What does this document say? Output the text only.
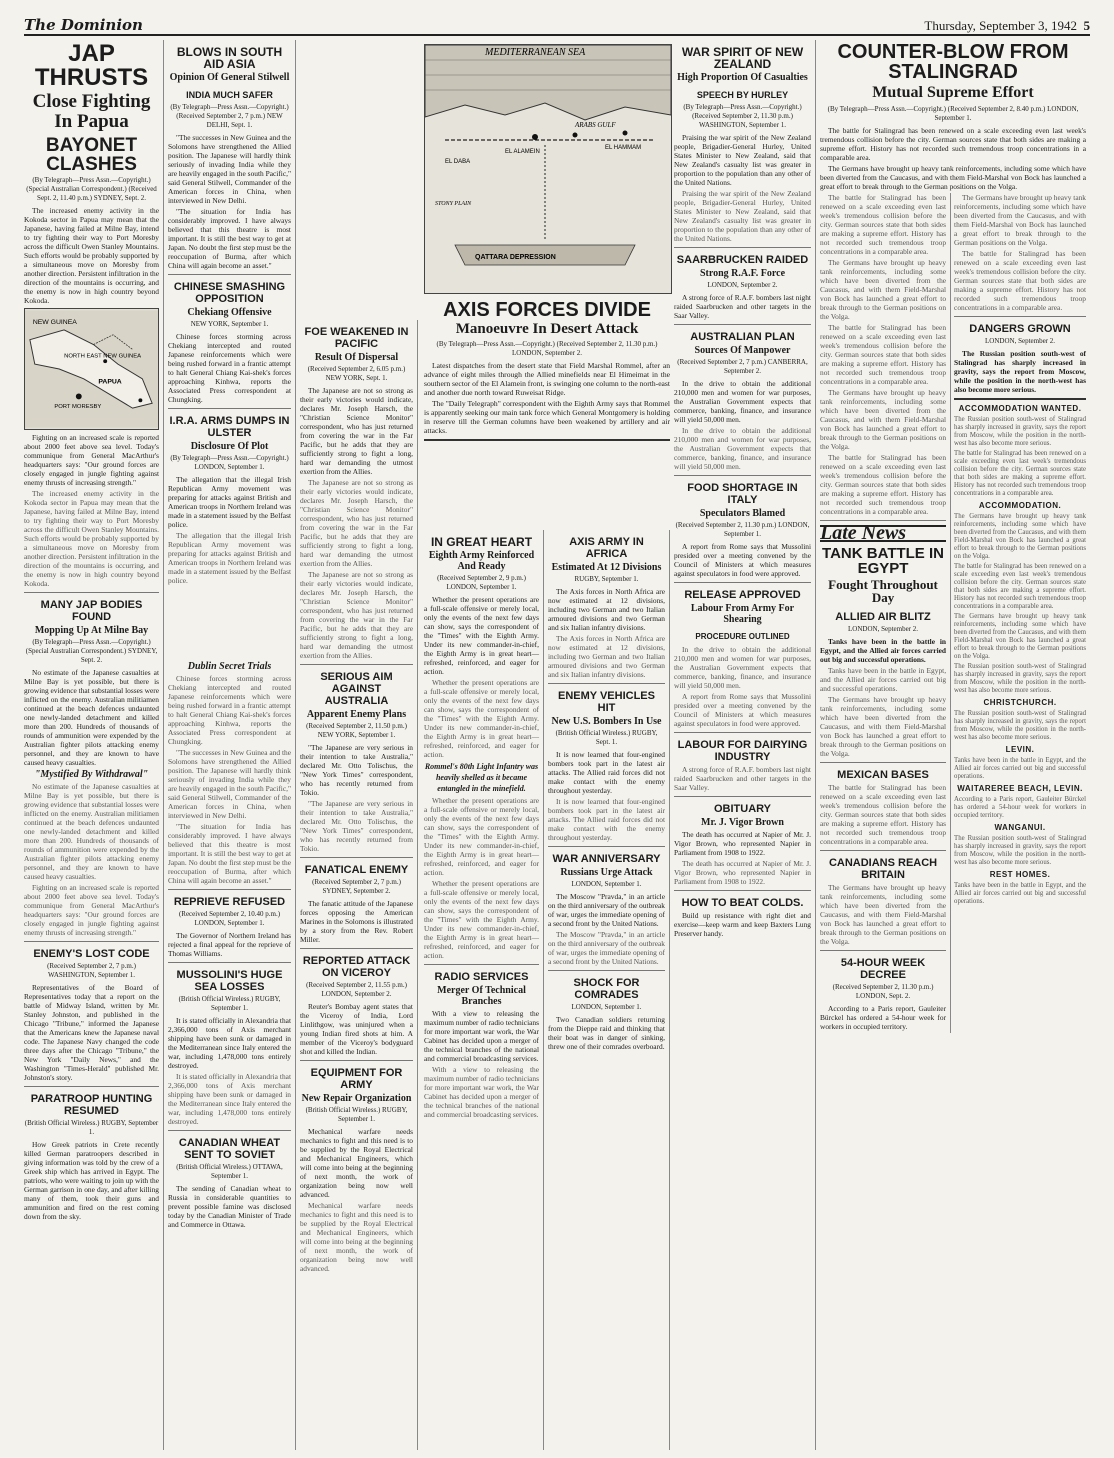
The Dominion	Thursday, September 3, 1942 5
JAP THRUSTS
Close Fighting In Papua
BAYONET CLASHES
(By Telegraph—Press Assn.—Copyright.) (Special Australian Correspondent.) (Received Sept. 2, 11.40 p.m.) SYDNEY, Sept. 2.

The increased enemy activity in the Kokoda sector in Papua may mean that the Japanese, having failed at Milne Bay, intend to try fighting their way to Port Moresby across the difficult Owen Stanley Mountains. Such efforts would be probably supported by a simultaneous move on Moresby from another direction. Persistent infiltration in the direction of the mountains is occurring, and the enemy is now in high country beyond Kokoda.

NEW GUINEA
NORTH EAST NEW GUINEA
PAPUA
PORT MORESBY

Fighting on an increased scale is reported about 2000 feet above sea level. Today's communique from General MacArthur's headquarters says: "Our ground forces are closely engaged in jungle fighting against enemy thrusts of increasing strength."

The increased enemy activity in the Kokoda sector in Papua may mean that the Japanese, having failed at Milne Bay, intend to try fighting their way to Port Moresby across the difficult Owen Stanley Mountains. Such efforts would be probably supported by a simultaneous move on Moresby from another direction. Persistent infiltration in the direction of the mountains is occurring, and the enemy is now in high country beyond Kokoda.

MANY JAP BODIES FOUND
Mopping Up At Milne Bay
(By Telegraph—Press Assn.—Copyright.) (Special Australian Correspondent.) SYDNEY, Sept. 2.

No estimate of the Japanese casualties at Milne Bay is yet possible, but there is growing evidence that substantial losses were inflicted on the enemy. Australian militiamen continued at the beach defences undaunted one newly-landed detachment and killed more than 200. Hundreds of thousands of rounds of ammunition were expended by the Australian fighter pilots attacking enemy personnel, and they are known to have caused heavy casualties.

"Mystified By Withdrawal"

No estimate of the Japanese casualties at Milne Bay is yet possible, but there is growing evidence that substantial losses were inflicted on the enemy. Australian militiamen continued at the beach defences undaunted one newly-landed detachment and killed more than 200. Hundreds of thousands of rounds of ammunition were expended by the Australian fighter pilots attacking enemy personnel, and they are known to have caused heavy casualties.

Fighting on an increased scale is reported about 2000 feet above sea level. Today's communique from General MacArthur's headquarters says: "Our ground forces are closely engaged in jungle fighting against enemy thrusts of increasing strength."

ENEMY'S LOST CODE
(Received September 2, 7 p.m.) WASHINGTON, September 1.

Representatives of the Board of Representatives today that a report on the battle of Midway Island, written by Mr. Stanley Johnston, and published in the Chicago "Tribune," informed the Japanese that the Americans knew the Japanese naval code. The Japanese Navy changed the code three days after the Chicago "Tribune," the New York "Daily News," and the Washington "Times-Herald" published Mr. Johnston's story.

PARATROOP HUNTING RESUMED
(British Official Wireless.) RUGBY, September 1.

How Greek patriots in Crete recently killed German paratroopers described in giving information was told by the crew of a Greek ship which has arrived in Egypt. The patriots, who were waiting to join up with the German garrison in one day, and after killing many of them, took their guns and ammunition and fired on the rest coming down from the sky.

BLOWS IN SOUTH AID ASIA
Opinion Of General Stilwell
INDIA MUCH SAFER
(By Telegraph—Press Assn.—Copyright.) (Received September 2, 7 p.m.) NEW DELHI, Sept. 1.

"The successes in New Guinea and the Solomons have strengthened the Allied position. The Japanese will hardly think seriously of invading India while they are heavily engaged in the south Pacific," said General Stilwell, Commander of the American forces in China, when interviewed in New Delhi.

"The situation for India has considerably improved. I have always believed that this theatre is most important. It is still the best way to get at Japan. No doubt the first step must be the reoccupation of Burma, after which China will again become an asset."

CHINESE SMASHING OPPOSITION
Chekiang Offensive
NEW YORK, September 1.

Chinese forces storming across Chekiang intercepted and routed Japanese reinforcements which were being rushed forward in a frantic attempt to halt General Chiang Kai-shek's forces approaching Kinhwa, reports the Associated Press correspondent at Chungking.

I.R.A. ARMS DUMPS IN ULSTER
Disclosure Of Plot
(By Telegraph—Press Assn.—Copyright.) LONDON, September 1.

The allegation that the illegal Irish Republican Army movement was preparing for attacks against British and American troops in Northern Ireland was made in a statement issued by the Belfast police.

The allegation that the illegal Irish Republican Army movement was preparing for attacks against British and American troops in Northern Ireland was made in a statement issued by the Belfast police.

Dublin Secret Trials

Chinese forces storming across Chekiang intercepted and routed Japanese reinforcements which were being rushed forward in a frantic attempt to halt General Chiang Kai-shek's forces approaching Kinhwa, reports the Associated Press correspondent at Chungking.

"The successes in New Guinea and the Solomons have strengthened the Allied position. The Japanese will hardly think seriously of invading India while they are heavily engaged in the south Pacific," said General Stilwell, Commander of the American forces in China, when interviewed in New Delhi.

"The situation for India has considerably improved. I have always believed that this theatre is most important. It is still the best way to get at Japan. No doubt the first step must be the reoccupation of Burma, after which China will again become an asset."

REPRIEVE REFUSED
(Received September 2, 10.40 p.m.) LONDON, September 1.

The Governor of Northern Ireland has rejected a final appeal for the reprieve of Thomas Williams.

MUSSOLINI'S HUGE SEA LOSSES
(British Official Wireless.) RUGBY, September 1.

It is stated officially in Alexandria that 2,366,000 tons of Axis merchant shipping have been sunk or damaged in the Mediterranean since Italy entered the war, including 1,478,000 tons entirely destroyed.

It is stated officially in Alexandria that 2,366,000 tons of Axis merchant shipping have been sunk or damaged in the Mediterranean since Italy entered the war, including 1,478,000 tons entirely destroyed.

CANADIAN WHEAT SENT TO SOVIET
(British Official Wireless.) OTTAWA, September 1.

The sending of Canadian wheat to Russia in considerable quantities to prevent possible famine was disclosed today by the Canadian Minister of Trade and Commerce in Ottawa.

FOE WEAKENED IN PACIFIC
Result Of Dispersal
(Received September 2, 6.05 p.m.) NEW YORK, Sept. 1.

The Japanese are not so strong as their early victories would indicate, declares Mr. Joseph Harsch, the "Christian Science Monitor" correspondent, who has just returned from covering the war in the Far Pacific, but he adds that they are sufficiently strong to fight a long, hard war demanding the utmost exertion from the Allies.

The Japanese are not so strong as their early victories would indicate, declares Mr. Joseph Harsch, the "Christian Science Monitor" correspondent, who has just returned from covering the war in the Far Pacific, but he adds that they are sufficiently strong to fight a long, hard war demanding the utmost exertion from the Allies.

The Japanese are not so strong as their early victories would indicate, declares Mr. Joseph Harsch, the "Christian Science Monitor" correspondent, who has just returned from covering the war in the Far Pacific, but he adds that they are sufficiently strong to fight a long, hard war demanding the utmost exertion from the Allies.

SERIOUS AIM AGAINST AUSTRALIA
Apparent Enemy Plans
(Received September 2, 11.50 p.m.) NEW YORK, September 1.

"The Japanese are very serious in their intention to take Australia," declared Mr. Otto Tolischus, the "New York Times" correspondent, who has recently returned from Tokio.

"The Japanese are very serious in their intention to take Australia," declared Mr. Otto Tolischus, the "New York Times" correspondent, who has recently returned from Tokio.

FANATICAL ENEMY
(Received September 2, 7 p.m.) SYDNEY, September 2.

The fanatic attitude of the Japanese forces opposing the American Marines in the Solomons is illustrated by a story from the Rev. Robert Miller.

REPORTED ATTACK ON VICEROY
(Received September 2, 11.55 p.m.) LONDON, September 2.

Reuter's Bombay agent states that the Viceroy of India, Lord Linlithgow, was uninjured when a young Indian fired shots at him. A member of the Viceroy's bodyguard shot and killed the Indian.

EQUIPMENT FOR ARMY
New Repair Organization
(British Official Wireless.) RUGBY, September 1.

Mechanical warfare needs mechanics to fight and this need is to be supplied by the Royal Electrical and Mechanical Engineers, which will come into being at the beginning of next month, the work of organization being now well advanced.

Mechanical warfare needs mechanics to fight and this need is to be supplied by the Royal Electrical and Mechanical Engineers, which will come into being at the beginning of next month, the work of organization being now well advanced.

MEDITERRANEAN SEA
ARABS GULF
EL ALAMEIN
EL HAMMAM
EL DABA
QATTARA DEPRESSION
STONY PLAIN
AXIS FORCES DIVIDE
Manoeuvre In Desert Attack
(By Telegraph—Press Assn.—Copyright.) (Received September 2, 11.30 p.m.) LONDON, September 2.

Latest dispatches from the desert state that Field Marshal Rommel, after an advance of eight miles through the Allied minefields near El Himeimat in the southern sector of the El Alamein front, is swinging one column to the north-east and another due north toward Ruweisat Ridge.

The "Daily Telegraph" correspondent with the Eighth Army says that Rommel is apparently seeking our main tank force which General Montgomery is holding in reserve till the German columns have been weakened by artillery and air attacks.

IN GREAT HEART
Eighth Army Reinforced And Ready
(Received September 2, 9 p.m.) LONDON, September 1.

Whether the present operations are a full-scale offensive or merely local, only the events of the next few days can show, says the correspondent of the "Times" with the Eighth Army. Under its new commander-in-chief, the Eighth Army is in great heart—refreshed, reinforced, and eager for action.

Whether the present operations are a full-scale offensive or merely local, only the events of the next few days can show, says the correspondent of the "Times" with the Eighth Army. Under its new commander-in-chief, the Eighth Army is in great heart—refreshed, reinforced, and eager for action.

Rommel's 80th Light Infantry was heavily shelled as it became entangled in the minefield.

Whether the present operations are a full-scale offensive or merely local, only the events of the next few days can show, says the correspondent of the "Times" with the Eighth Army. Under its new commander-in-chief, the Eighth Army is in great heart—refreshed, reinforced, and eager for action.

Whether the present operations are a full-scale offensive or merely local, only the events of the next few days can show, says the correspondent of the "Times" with the Eighth Army. Under its new commander-in-chief, the Eighth Army is in great heart—refreshed, reinforced, and eager for action.

RADIO SERVICES
Merger Of Technical Branches

With a view to releasing the maximum number of radio technicians for more important war work, the War Cabinet has decided upon a merger of the technical branches of the national and commercial broadcasting services.

With a view to releasing the maximum number of radio technicians for more important war work, the War Cabinet has decided upon a merger of the technical branches of the national and commercial broadcasting services.

AXIS ARMY IN AFRICA
Estimated At 12 Divisions
RUGBY, September 1.

The Axis forces in North Africa are now estimated at 12 divisions, including two German and two Italian armoured divisions and two German and six Italian infantry divisions.

The Axis forces in North Africa are now estimated at 12 divisions, including two German and two Italian armoured divisions and two German and six Italian infantry divisions.

ENEMY VEHICLES HIT
New U.S. Bombers In Use
(British Official Wireless.) RUGBY, Sept. 1.

It is now learned that four-engined bombers took part in the latest air attacks. The Allied raid forces did not make contact with the enemy throughout yesterday.

It is now learned that four-engined bombers took part in the latest air attacks. The Allied raid forces did not make contact with the enemy throughout yesterday.

WAR ANNIVERSARY
Russians Urge Attack
LONDON, September 1.

The Moscow "Pravda," in an article on the third anniversary of the outbreak of war, urges the immediate opening of a second front by the United Nations.

The Moscow "Pravda," in an article on the third anniversary of the outbreak of war, urges the immediate opening of a second front by the United Nations.

SHOCK FOR COMRADES
LONDON, September 1.

Two Canadian soldiers returning from the Dieppe raid and thinking that their boat was in danger of sinking, threw one of their comrades overboard.

WAR SPIRIT OF NEW ZEALAND
High Proportion Of Casualties
SPEECH BY HURLEY
(By Telegraph—Press Assn.—Copyright.) (Received September 2, 11.30 p.m.) WASHINGTON, September 1.

Praising the war spirit of the New Zealand people, Brigadier-General Hurley, United States Minister to New Zealand, said that New Zealand's casualty list was greater in proportion to the population than any other of the United Nations.

Praising the war spirit of the New Zealand people, Brigadier-General Hurley, United States Minister to New Zealand, said that New Zealand's casualty list was greater in proportion to the population than any other of the United Nations.

SAARBRUCKEN RAIDED
Strong R.A.F. Force
LONDON, September 2.

A strong force of R.A.F. bombers last night raided Saarbrucken and other targets in the Saar Valley.

AUSTRALIAN PLAN
Sources Of Manpower
(Received September 2, 7 p.m.) CANBERRA, September 2.

In the drive to obtain the additional 210,000 men and women for war purposes, the Australian Government expects that commerce, banking, finance, and insurance will yield 50,000 men.

In the drive to obtain the additional 210,000 men and women for war purposes, the Australian Government expects that commerce, banking, finance, and insurance will yield 50,000 men.

FOOD SHORTAGE IN ITALY
Speculators Blamed
(Received September 2, 11.30 p.m.) LONDON, September 1.

A report from Rome says that Mussolini presided over a meeting convened by the Council of Ministers at which measures against speculators in food were approved.

RELEASE APPROVED
Labour From Army For Shearing
PROCEDURE OUTLINED

In the drive to obtain the additional 210,000 men and women for war purposes, the Australian Government expects that commerce, banking, finance, and insurance will yield 50,000 men.

A report from Rome says that Mussolini presided over a meeting convened by the Council of Ministers at which measures against speculators in food were approved.

LABOUR FOR DAIRYING INDUSTRY

A strong force of R.A.F. bombers last night raided Saarbrucken and other targets in the Saar Valley.

OBITUARY
Mr. J. Vigor Brown

The death has occurred at Napier of Mr. J. Vigor Brown, who represented Napier in Parliament from 1908 to 1922.

The death has occurred at Napier of Mr. J. Vigor Brown, who represented Napier in Parliament from 1908 to 1922.

HOW TO BEAT COLDS.

Build up resistance with right diet and exercise—keep warm and keep Baxters Lung Preserver handy.

COUNTER-BLOW FROM STALINGRAD
Mutual Supreme Effort
(By Telegraph—Press Assn.—Copyright.) (Received September 2, 8.40 p.m.) LONDON, September 1.

The battle for Stalingrad has been renewed on a scale exceeding even last week's tremendous collision before the city. German sources state that both sides are making a supreme effort. History has not recorded such tremendous troop concentrations in a comparable area.

The Germans have brought up heavy tank reinforcements, including some which have been diverted from the Caucasus, and with them Field-Marshal von Bock has launched a great effort to break through to the German positions on the Volga.

The battle for Stalingrad has been renewed on a scale exceeding even last week's tremendous collision before the city. German sources state that both sides are making a supreme effort. History has not recorded such tremendous troop concentrations in a comparable area.

The Germans have brought up heavy tank reinforcements, including some which have been diverted from the Caucasus, and with them Field-Marshal von Bock has launched a great effort to break through to the German positions on the Volga.

The battle for Stalingrad has been renewed on a scale exceeding even last week's tremendous collision before the city. German sources state that both sides are making a supreme effort. History has not recorded such tremendous troop concentrations in a comparable area.

The Germans have brought up heavy tank reinforcements, including some which have been diverted from the Caucasus, and with them Field-Marshal von Bock has launched a great effort to break through to the German positions on the Volga.

The battle for Stalingrad has been renewed on a scale exceeding even last week's tremendous collision before the city. German sources state that both sides are making a supreme effort. History has not recorded such tremendous troop concentrations in a comparable area.

Late News
TANK BATTLE IN EGYPT
Fought Throughout Day
ALLIED AIR BLITZ
LONDON, September 2.

Tanks have been in the battle in Egypt, and the Allied air forces carried out big and successful operations.

Tanks have been in the battle in Egypt, and the Allied air forces carried out big and successful operations.

The Germans have brought up heavy tank reinforcements, including some which have been diverted from the Caucasus, and with them Field-Marshal von Bock has launched a great effort to break through to the German positions on the Volga.

MEXICAN BASES

The battle for Stalingrad has been renewed on a scale exceeding even last week's tremendous collision before the city. German sources state that both sides are making a supreme effort. History has not recorded such tremendous troop concentrations in a comparable area.

CANADIANS REACH BRITAIN

The Germans have brought up heavy tank reinforcements, including some which have been diverted from the Caucasus, and with them Field-Marshal von Bock has launched a great effort to break through to the German positions on the Volga.

54-HOUR WEEK DECREE
(Received September 2, 11.30 p.m.) LONDON, Sept. 2.

According to a Paris report, Gauleiter Bürckel has ordered a 54-hour week for workers in occupied territory.

The Germans have brought up heavy tank reinforcements, including some which have been diverted from the Caucasus, and with them Field-Marshal von Bock has launched a great effort to break through to the German positions on the Volga.

The battle for Stalingrad has been renewed on a scale exceeding even last week's tremendous collision before the city. German sources state that both sides are making a supreme effort. History has not recorded such tremendous troop concentrations in a comparable area.

DANGERS GROWN
LONDON, September 2.

The Russian position south-west of Stalingrad has sharply increased in gravity, says the report from Moscow, while the position in the north-west has also become more serious.

ACCOMMODATION WANTED.

The Russian position south-west of Stalingrad has sharply increased in gravity, says the report from Moscow, while the position in the north-west has also become more serious.

The battle for Stalingrad has been renewed on a scale exceeding even last week's tremendous collision before the city. German sources state that both sides are making a supreme effort. History has not recorded such tremendous troop concentrations in a comparable area.

ACCOMMODATION.

The Germans have brought up heavy tank reinforcements, including some which have been diverted from the Caucasus, and with them Field-Marshal von Bock has launched a great effort to break through to the German positions on the Volga.

The battle for Stalingrad has been renewed on a scale exceeding even last week's tremendous collision before the city. German sources state that both sides are making a supreme effort. History has not recorded such tremendous troop concentrations in a comparable area.

The Germans have brought up heavy tank reinforcements, including some which have been diverted from the Caucasus, and with them Field-Marshal von Bock has launched a great effort to break through to the German positions on the Volga.

The Russian position south-west of Stalingrad has sharply increased in gravity, says the report from Moscow, while the position in the north-west has also become more serious.

CHRISTCHURCH.

The Russian position south-west of Stalingrad has sharply increased in gravity, says the report from Moscow, while the position in the north-west has also become more serious.

LEVIN.

Tanks have been in the battle in Egypt, and the Allied air forces carried out big and successful operations.

WAITAREREE BEACH, LEVIN.

According to a Paris report, Gauleiter Bürckel has ordered a 54-hour week for workers in occupied territory.

WANGANUI.

The Russian position south-west of Stalingrad has sharply increased in gravity, says the report from Moscow, while the position in the north-west has also become more serious.

REST HOMES.

Tanks have been in the battle in Egypt, and the Allied air forces carried out big and successful operations.
